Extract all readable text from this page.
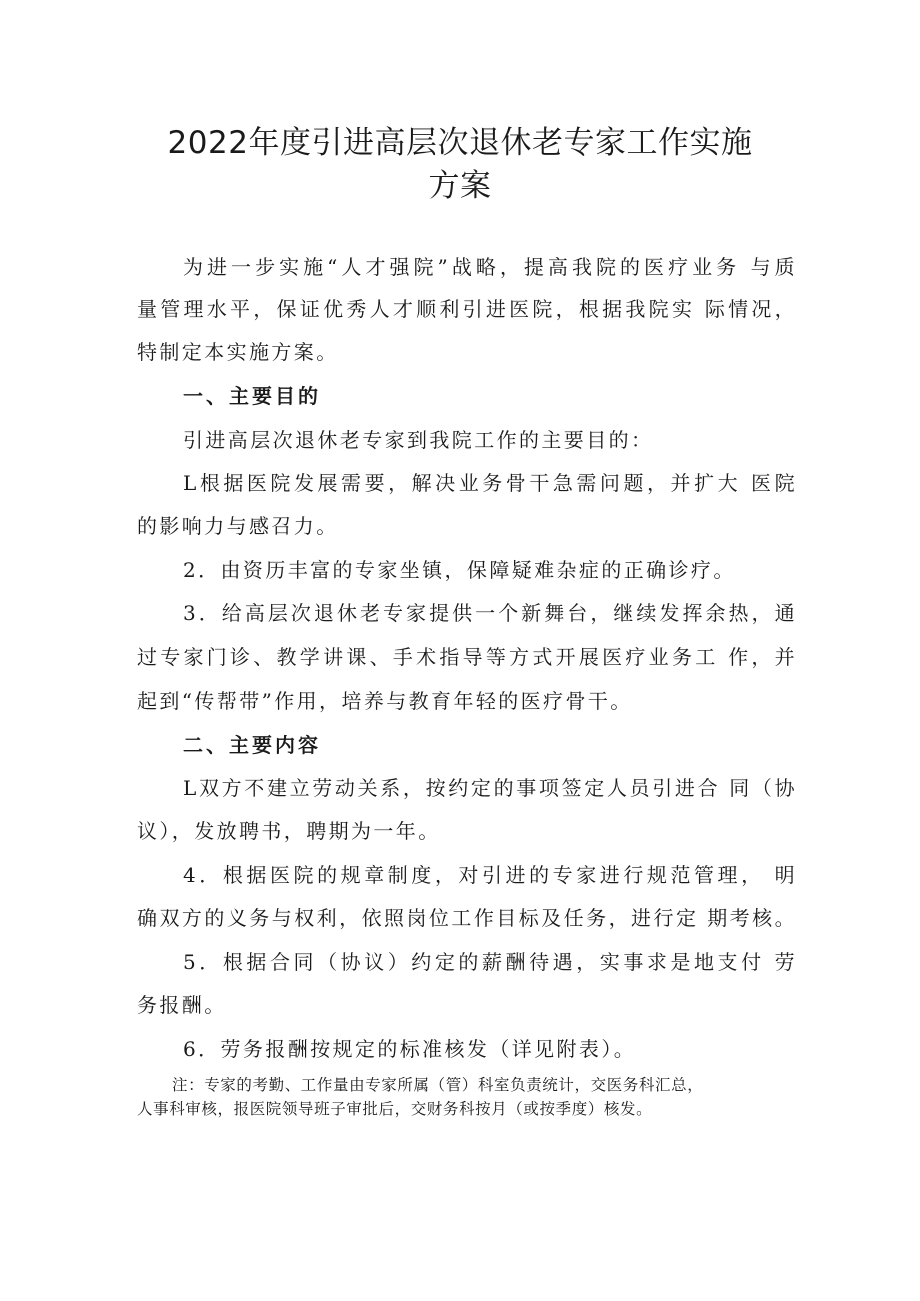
2022年度引进高层次退休老专家工作实施
方案
为进一步实施“人才强院”战略，提高我院的医疗业务 与质
量管理水平，保证优秀人才顺利引进医院，根据我院实 际情况，
特制定本实施方案。
一、主要目的
引进高层次退休老专家到我院工作的主要目的：
L根据医院发展需要，解决业务骨干急需问题，并扩大 医院
的影响力与感召力。
2．由资历丰富的专家坐镇，保障疑难杂症的正确诊疗。
3．给高层次退休老专家提供一个新舞台，继续发挥余热，通
过专家门诊、教学讲课、手术指导等方式开展医疗业务工 作，并
起到“传帮带”作用，培养与教育年轻的医疗骨干。
二、主要内容
L双方不建立劳动关系，按约定的事项签定人员引进合 同（协
议），发放聘书，聘期为一年。
4．根据医院的规章制度，对引进的专家进行规范管理， 明
确双方的义务与权利，依照岗位工作目标及任务，进行定 期考核。
5．根据合同（协议）约定的薪酬待遇，实事求是地支付 劳
务报酬。
6．劳务报酬按规定的标准核发（详见附表）。
注：专家的考勤、工作量由专家所属（管）科室负责统计，交医务科汇总，
人事科审核，报医院领导班子审批后，交财务科按月（或按季度）核发。
